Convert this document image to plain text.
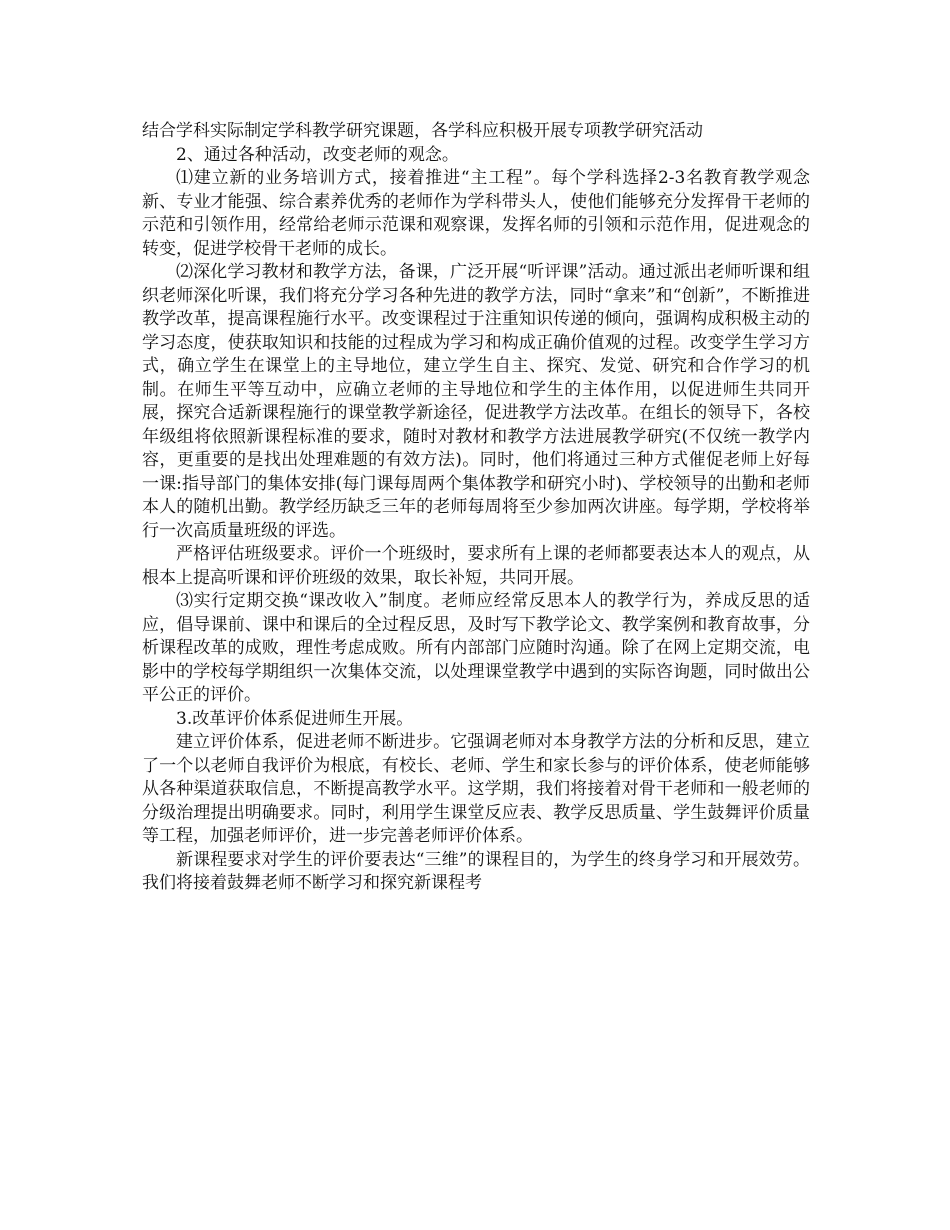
结合学科实际制定学科教学研究课题，各学科应积极开展专项教学研究活动

2、通过各种活动，改变老师的观念。

⑴建立新的业务培训方式，接着推进“主工程”。每个学科选择2-3名教育教学观念新、专业才能强、综合素养优秀的老师作为学科带头人，使他们能够充分发挥骨干老师的示范和引领作用，经常给老师示范课和观察课，发挥名师的引领和示范作用，促进观念的转变，促进学校骨干老师的成长。

⑵深化学习教材和教学方法，备课，广泛开展“听评课”活动。通过派出老师听课和组织老师深化听课，我们将充分学习各种先进的教学方法，同时“拿来”和“创新”，不断推进教学改革，提高课程施行水平。改变课程过于注重知识传递的倾向，强调构成积极主动的学习态度，使获取知识和技能的过程成为学习和构成正确价值观的过程。改变学生学习方式，确立学生在课堂上的主导地位，建立学生自主、探究、发觉、研究和合作学习的机制。在师生平等互动中，应确立老师的主导地位和学生的主体作用，以促进师生共同开展，探究合适新课程施行的课堂教学新途径，促进教学方法改革。在组长的领导下，各校年级组将依照新课程标准的要求，随时对教材和教学方法进展教学研究(不仅统一教学内容，更重要的是找出处理难题的有效方法)。同时，他们将通过三种方式催促老师上好每一课:指导部门的集体安排(每门课每周两个集体教学和研究小时)、学校领导的出勤和老师本人的随机出勤。教学经历缺乏三年的老师每周将至少参加两次讲座。每学期，学校将举行一次高质量班级的评选。

严格评估班级要求。评价一个班级时，要求所有上课的老师都要表达本人的观点，从根本上提高听课和评价班级的效果，取长补短，共同开展。

⑶实行定期交换“课改收入”制度。老师应经常反思本人的教学行为，养成反思的适应，倡导课前、课中和课后的全过程反思，及时写下教学论文、教学案例和教育故事，分析课程改革的成败，理性考虑成败。所有内部部门应随时沟通。除了在网上定期交流，电影中的学校每学期组织一次集体交流，以处理课堂教学中遇到的实际咨询题，同时做出公平公正的评价。

3.改革评价体系促进师生开展。

建立评价体系，促进老师不断进步。它强调老师对本身教学方法的分析和反思，建立了一个以老师自我评价为根底，有校长、老师、学生和家长参与的评价体系，使老师能够从各种渠道获取信息，不断提高教学水平。这学期，我们将接着对骨干老师和一般老师的分级治理提出明确要求。同时，利用学生课堂反应表、教学反思质量、学生鼓舞评价质量等工程，加强老师评价，进一步完善老师评价体系。

新课程要求对学生的评价要表达“三维”的课程目的，为学生的终身学习和开展效劳。我们将接着鼓舞老师不断学习和探究新课程考
